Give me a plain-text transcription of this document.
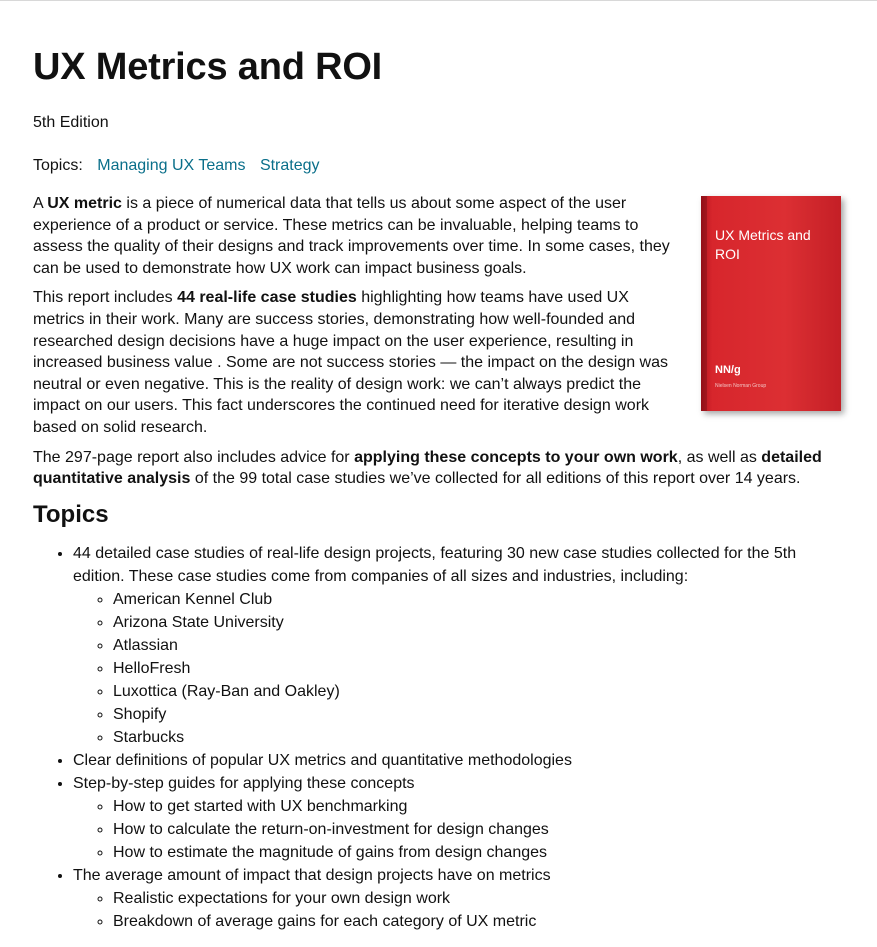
UX Metrics and ROI
5th Edition
Topics: Managing UX Teams Strategy
UX Metrics and ROI
NN/g
Nielsen Norman Group

A UX metric is a piece of numerical data that tells us about some aspect of the user experience of a product or service. These metrics can be invaluable, helping teams to assess the quality of their designs and track improvements over time. In some cases, they can be used to demonstrate how UX work can impact business goals.

This report includes 44 real-life case studies highlighting how teams have used UX metrics in their work. Many are success stories, demonstrating how well-founded and researched design decisions have a huge impact on the user experience, resulting in increased business value . Some are not success stories — the impact on the design was neutral or even negative. This is the reality of design work: we can’t always predict the impact on our users. This fact underscores the continued need for iterative design work based on solid research.

The 297-page report also includes advice for applying these concepts to your own work, as well as detailed quantitative analysis of the 99 total case studies we’ve collected for all editions of this report over 14 years.

Topics
• 44 detailed case studies of real-life design projects, featuring 30 new case studies collected for the 5th edition. These case studies come from companies of all sizes and industries, including:
◦ American Kennel Club
◦ Arizona State University
◦ Atlassian
◦ HelloFresh
◦ Luxottica (Ray-Ban and Oakley)
◦ Shopify
◦ Starbucks
• Clear definitions of popular UX metrics and quantitative methodologies
• Step-by-step guides for applying these concepts
◦ How to get started with UX benchmarking
◦ How to calculate the return-on-investment for design changes
◦ How to estimate the magnitude of gains from design changes
• The average amount of impact that design projects have on metrics
◦ Realistic expectations for your own design work
◦ Breakdown of average gains for each category of UX metric
